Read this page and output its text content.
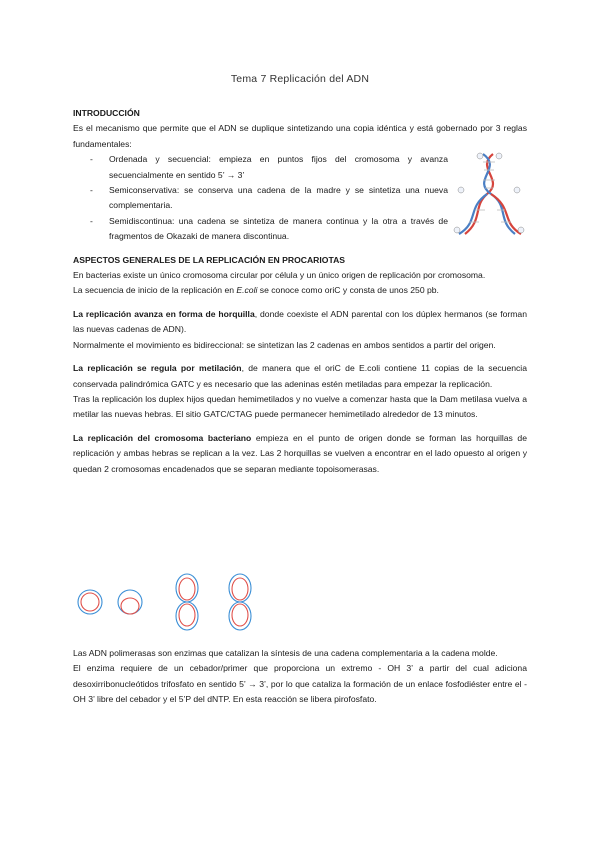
Tema 7 Replicación del ADN
INTRODUCCIÓN

Es el mecanismo que permite que el ADN se duplique sintetizando una copia idéntica y está gobernado por 3 reglas fundamentales:

- Ordenada y secuencial: empieza en puntos fijos del cromosoma y avanza secuencialmente en sentido 5’ → 3’
- Semiconservativa: se conserva una cadena de la madre y se sintetiza una nueva complementaria.
- Semidiscontinua: una cadena se sintetiza de manera continua y la otra a través de fragmentos de Okazaki de manera discontinua.
ASPECTOS GENERALES DE LA REPLICACIÓN EN PROCARIOTAS

En bacterias existe un único cromosoma circular por célula y un único origen de replicación por cromosoma.

La secuencia de inicio de la replicación en E.coli se conoce como oriC y consta de unos 250 pb.

La replicación avanza en forma de horquilla, donde coexiste el ADN parental con los dúplex hermanos (se forman las nuevas cadenas de ADN).

Normalmente el movimiento es bidireccional: se sintetizan las 2 cadenas en ambos sentidos a partir del origen.

La replicación se regula por metilación, de manera que el oriC de E.coli contiene 11 copias de la secuencia conservada palindrómica GATC y es necesario que las adeninas estén metiladas para empezar la replicación.

Tras la replicación los duplex hijos quedan hemimetilados y no vuelve a comenzar hasta que la Dam metilasa vuelva a metilar las nuevas hebras. El sitio GATC/CTAG puede permanecer hemimetilado alrededor de 13 minutos.

La replicación del cromosoma bacteriano empieza en el punto de origen donde se forman las horquillas de replicación y ambas hebras se replican a la vez. Las 2 horquillas se vuelven a encontrar en el lado opuesto al origen y quedan 2 cromosomas encadenados que se separan mediante topoisomerasas.

Las ADN polimerasas son enzimas que catalizan la síntesis de una cadena complementaria a la cadena molde.

El enzima requiere de un cebador/primer que proporciona un extremo - OH 3’ a partir del cual adiciona desoxirribonucleótidos trifosfato en sentido 5’ → 3’, por lo que cataliza la formación de un enlace fosfodiéster entre el -OH 3’ libre del cebador y el 5’P del dNTP. En esta reacción se libera pirofosfato.
